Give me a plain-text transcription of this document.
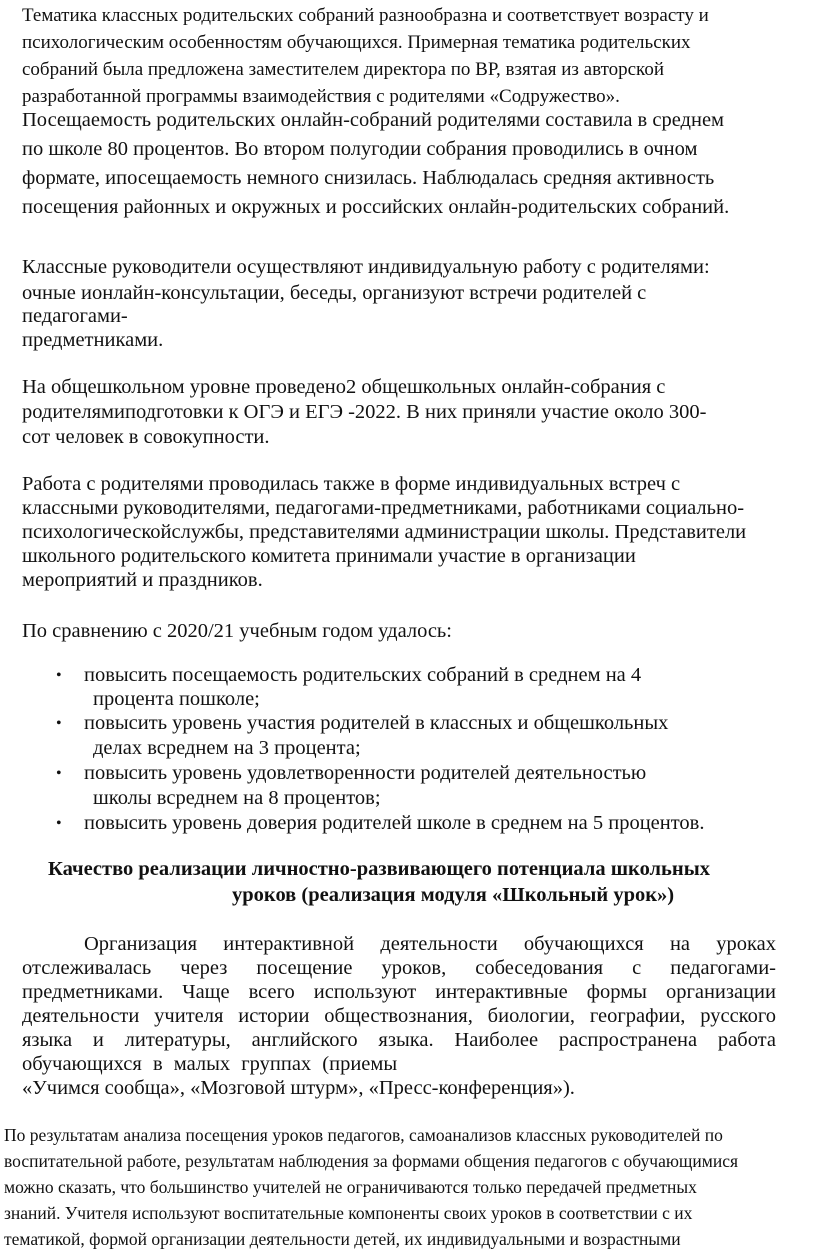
Тематика классных родительских собраний разнообразна и соответствует возрасту и
психологическим особенностям обучающихся. Примерная тематика родительских
собраний была предложена заместителем директора по ВР, взятая из авторской
разработанной программы взаимодействия с родителями «Содружество».
Посещаемость родительских онлайн-собраний родителями составила в среднем
по школе 80 процентов. Во втором полугодии собрания проводились в очном
формате, ипосещаемость немного снизилась. Наблюдалась средняя активность
посещения районных и окружных и российских онлайн-родительских собраний.
Классные руководители осуществляют индивидуальную работу с родителями:
очные ионлайн-консультации, беседы, организуют встречи родителей с
педагогами-
предметниками.
На общешкольном уровне проведено2 общешкольных онлайн-собрания с
родителямиподготовки к ОГЭ и ЕГЭ -2022. В них приняли участие около 300-
сот человек в совокупности.
Работа с родителями проводилась также в форме индивидуальных встреч с
классными руководителями, педагогами-предметниками, работниками социально-
психологическойслужбы, представителями администрации школы. Представители
школьного родительского комитета принимали участие в организации
мероприятий и праздников.
По сравнению с 2020/21 учебным годом удалось:
• повысить посещаемость родительских собраний в среднем на 4
процента пошколе;
• повысить уровень участия родителей в классных и общешкольных
делах всреднем на 3 процента;
• повысить уровень удовлетворенности родителей деятельностью
школы всреднем на 8 процентов;
• повысить уровень доверия родителей школе в среднем на 5 процентов.
Качество реализации личностно-развивающего потенциала школьных
уроков (реализация модуля «Школьный урок»)
Организация интерактивной деятельности обучающихся на уроках
отслеживалась через посещение уроков, собеседования с педагогами-
предметниками. Чаще всего используют интерактивные формы организации
деятельности учителя истории обществознания, биологии, географии, русского
языка и литературы, английского языка. Наиболее распространена работа
обучающихся в малых группах (приемы
«Учимся сообща», «Мозговой штурм», «Пресс-конференция»).
По результатам анализа посещения уроков педагогов, самоанализов классных руководителей по
воспитательной работе, результатам наблюдения за формами общения педагогов с обучающимися
можно сказать, что большинство учителей не ограничиваются только передачей предметных
знаний. Учителя используют воспитательные компоненты своих уроков в соответствии с их
тематикой, формой организации деятельности детей, их индивидуальными и возрастными
